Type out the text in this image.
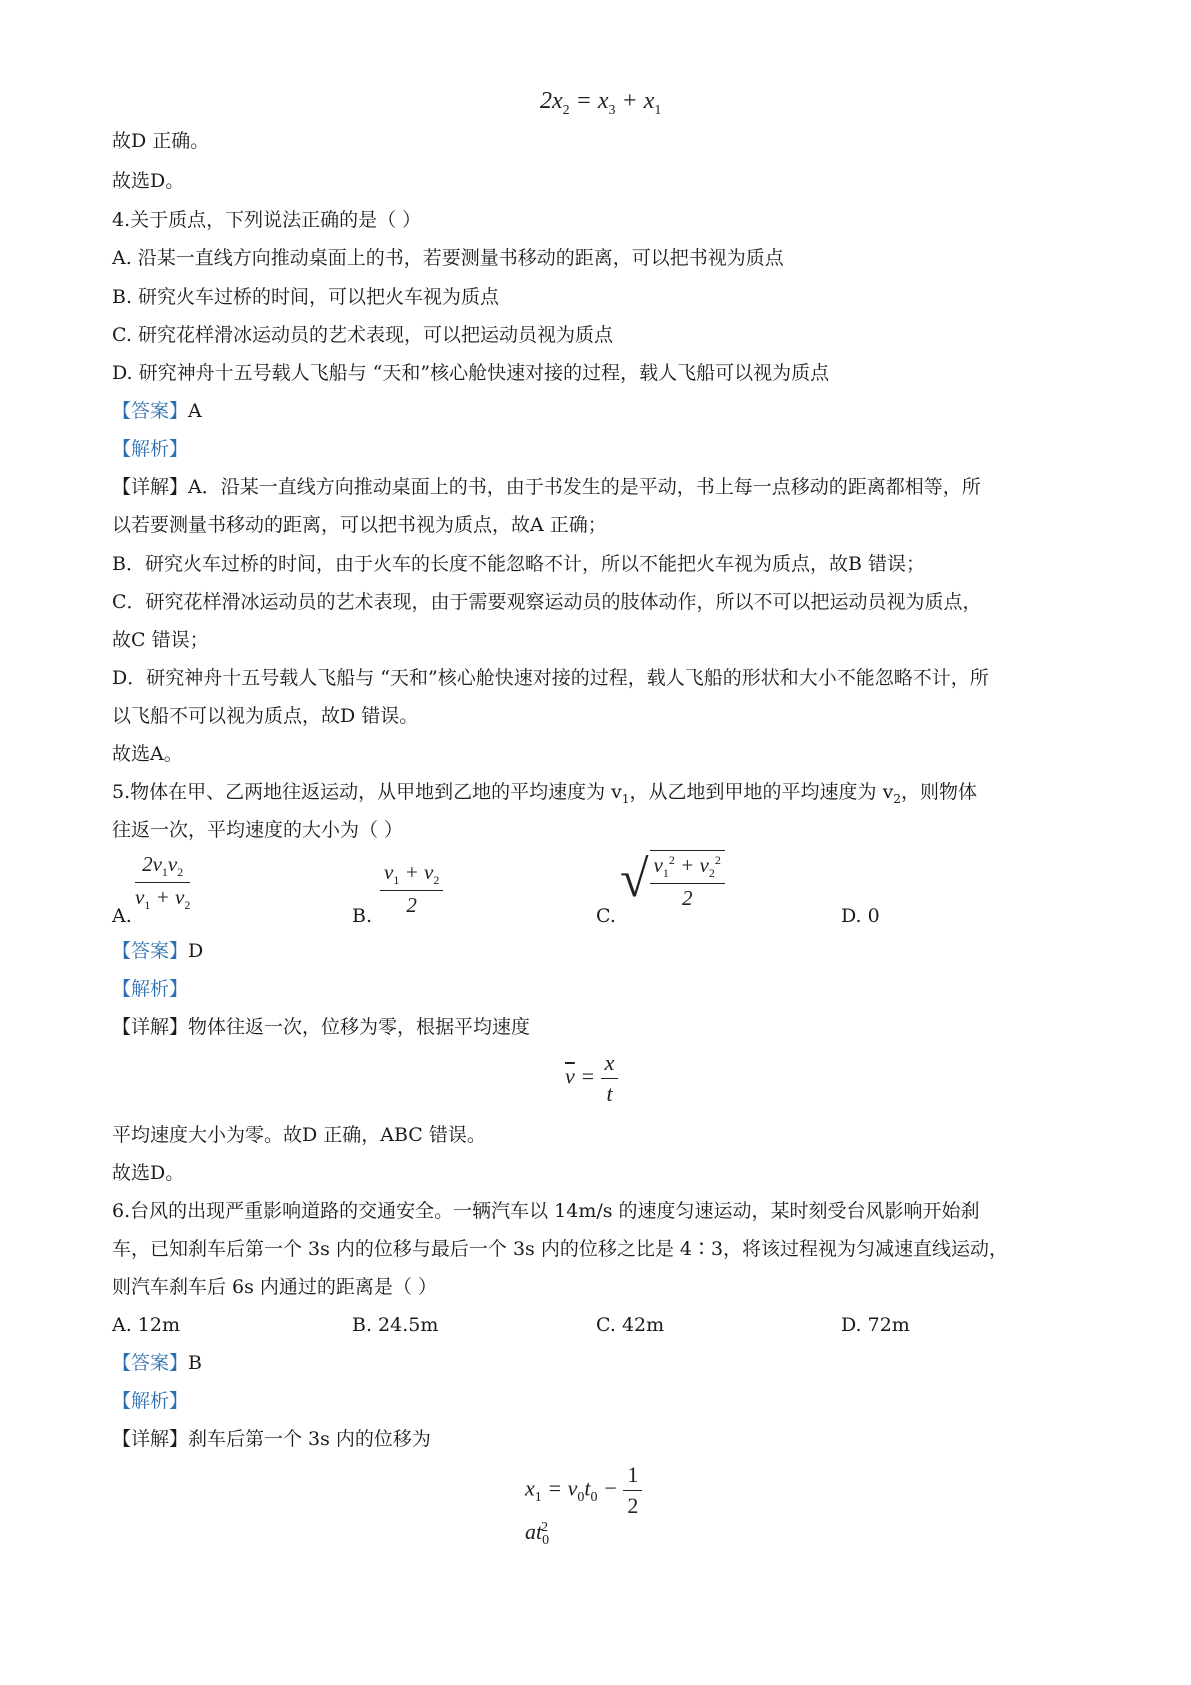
$2x_2 = x_3 + x_1$
故D 正确。
故选D。
4.关于质点，下列说法正确的是（ ）
A. 沿某一直线方向推动桌面上的书，若要测量书移动的距离，可以把书视为质点
B. 研究火车过桥的时间，可以把火车视为质点
C. 研究花样滑冰运动员的艺术表现，可以把运动员视为质点
D. 研究神舟十五号载人飞船与 “天和”核心舱快速对接的过程，载人飞船可以视为质点
【答案】A
【解析】
【详解】A．沿某一直线方向推动桌面上的书，由于书发生的是平动，书上每一点移动的距离都相等，所
以若要测量书移动的距离，可以把书视为质点，故A 正确；
B．研究火车过桥的时间，由于火车的长度不能忽略不计，所以不能把火车视为质点，故B 错误；
C．研究花样滑冰运动员的艺术表现，由于需要观察运动员的肢体动作，所以不可以把运动员视为质点，
故C 错误；
D．研究神舟十五号载人飞船与 “天和”核心舱快速对接的过程，载人飞船的形状和大小不能忽略不计，所
以飞船不可以视为质点，故D 错误。
故选A。
5.物体在甲、乙两地往返运动，从甲地到乙地的平均速度为 $v_1$，从乙地到甲地的平均速度为 $v_2$，则物体
往返一次，平均速度的大小为（ ）
A.
$\frac{2v_1v_2}{v_1 + v_2}$
B. $\frac{v_1 + v_2}{2}$	C.
√ $\frac{v_1^2 + v_2^2}{2}$
D. 0
【答案】D
【解析】
【详解】物体往返一次，位移为零，根据平均速度
$\overline{v} = \frac{x}{t}$
平均速度大小为零。故D 正确，ABC 错误。
故选D。
6.台风的出现严重影响道路的交通安全。一辆汽车以 14m/s 的速度匀速运动，某时刻受台风影响开始刹
车，已知刹车后第一个 3s 内的位移与最后一个 3s 内的位移之比是 4∶3，将该过程视为匀减速直线运动，
则汽车刹车后 6s 内通过的距离是（ ）
A. 12m	B. 24.5m	C. 42m	D. 72m
【答案】B
【解析】
【详解】刹车后第一个 3s 内的位移为
$x_1 = v_0t_0 - \frac{1}{2}$
$at_0^2$
